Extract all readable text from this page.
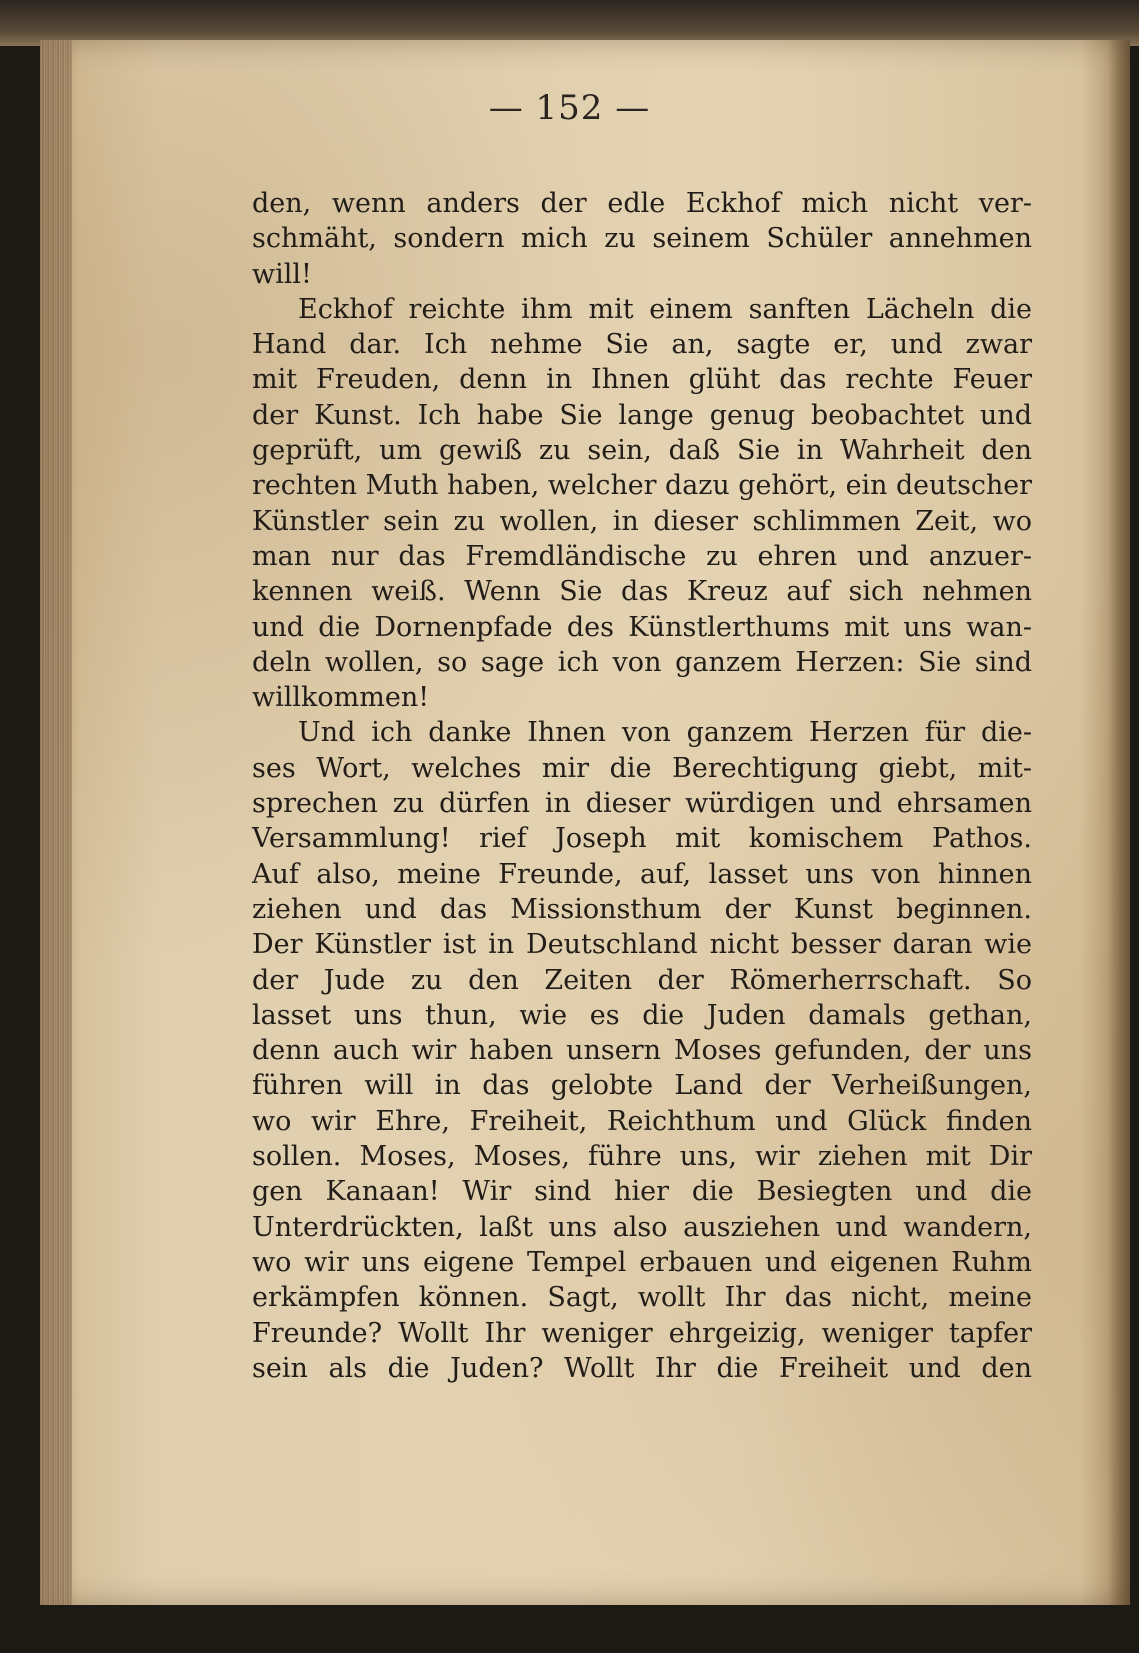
— 152 —
den, wenn anders der edle Eckhof mich nicht ver-
schmäht, sondern mich zu seinem Schüler annehmen
will!
Eckhof reichte ihm mit einem sanften Lächeln die
Hand dar. Ich nehme Sie an, sagte er, und zwar
mit Freuden, denn in Ihnen glüht das rechte Feuer
der Kunst. Ich habe Sie lange genug beobachtet und
geprüft, um gewiß zu sein, daß Sie in Wahrheit den
rechten Muth haben, welcher dazu gehört, ein deutscher
Künstler sein zu wollen, in dieser schlimmen Zeit, wo
man nur das Fremdländische zu ehren und anzuer-
kennen weiß. Wenn Sie das Kreuz auf sich nehmen
und die Dornenpfade des Künstlerthums mit uns wan-
deln wollen, so sage ich von ganzem Herzen: Sie sind
willkommen!
Und ich danke Ihnen von ganzem Herzen für die-
ses Wort, welches mir die Berechtigung giebt, mit-
sprechen zu dürfen in dieser würdigen und ehrsamen
Versammlung! rief Joseph mit komischem Pathos.
Auf also, meine Freunde, auf, lasset uns von hinnen
ziehen und das Missionsthum der Kunst beginnen.
Der Künstler ist in Deutschland nicht besser daran wie
der Jude zu den Zeiten der Römerherrschaft. So
lasset uns thun, wie es die Juden damals gethan,
denn auch wir haben unsern Moses gefunden, der uns
führen will in das gelobte Land der Verheißungen,
wo wir Ehre, Freiheit, Reichthum und Glück finden
sollen. Moses, Moses, führe uns, wir ziehen mit Dir
gen Kanaan! Wir sind hier die Besiegten und die
Unterdrückten, laßt uns also ausziehen und wandern,
wo wir uns eigene Tempel erbauen und eigenen Ruhm
erkämpfen können. Sagt, wollt Ihr das nicht, meine
Freunde? Wollt Ihr weniger ehrgeizig, weniger tapfer
sein als die Juden? Wollt Ihr die Freiheit und den
